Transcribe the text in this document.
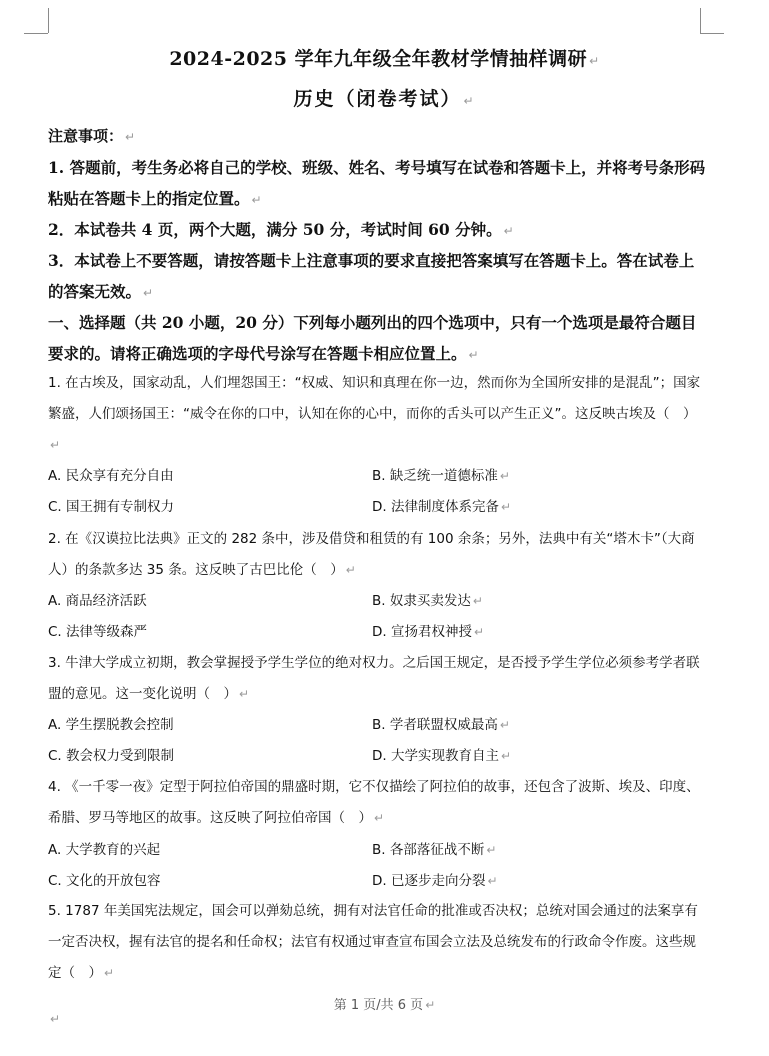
2024-2025 学年九年级全年教材学情抽样调研 ↵
历史（闭卷考试） ↵
注意事项： ↵
1. 答题前，考生务必将自己的学校、班级、姓名、考号填写在试卷和答题卡上，并将考号条形码粘贴在答题卡上的指定位置。 ↵
2．本试卷共 4 页，两个大题，满分 50 分，考试时间 60 分钟。 ↵
3．本试卷上不要答题，请按答题卡上注意事项的要求直接把答案填写在答题卡上。答在试卷上的答案无效。 ↵
一、选择题（共 20 小题，20 分）下列每小题列出的四个选项中，只有一个选项是最符合题目要求的。请将正确选项的字母代号涂写在答题卡相应位置上。 ↵
1. 在古埃及，国家动乱，人们埋怨国王：“权威、知识和真理在你一边，然而你为全国所安排的是混乱”；国家繁盛，人们颂扬国王：“威令在你的口中，认知在你的心中，而你的舌头可以产生正义”。这反映古埃及（　）↵
A. 民众享有充分自由	B. 缺乏统一道德标准 ↵
C. 国王拥有专制权力	D. 法律制度体系完备 ↵
2. 在《汉谟拉比法典》正文的 282 条中，涉及借贷和租赁的有 100 余条；另外，法典中有关“塔木卡”（大商人）的条款多达 35 条。这反映了古巴比伦（　） ↵
A. 商品经济活跃	B. 奴隶买卖发达 ↵
C. 法律等级森严	D. 宣扬君权神授 ↵
3. 牛津大学成立初期，教会掌握授予学生学位的绝对权力。之后国王规定，是否授予学生学位必须参考学者联盟的意见。这一变化说明（　） ↵
A. 学生摆脱教会控制	B. 学者联盟权威最高 ↵
C. 教会权力受到限制	D. 大学实现教育自主 ↵
4. 《一千零一夜》定型于阿拉伯帝国的鼎盛时期，它不仅描绘了阿拉伯的故事，还包含了波斯、埃及、印度、希腊、罗马等地区的故事。这反映了阿拉伯帝国（　） ↵
A. 大学教育的兴起	B. 各部落征战不断 ↵
C. 文化的开放包容	D. 已逐步走向分裂 ↵
5. 1787 年美国宪法规定，国会可以弹劾总统，拥有对法官任命的批准或否决权；总统对国会通过的法案享有一定否决权，握有法官的提名和任命权；法官有权通过审查宣布国会立法及总统发布的行政命令作废。这些规定（　） ↵
第 1 页/共 6 页 ↵
↵
